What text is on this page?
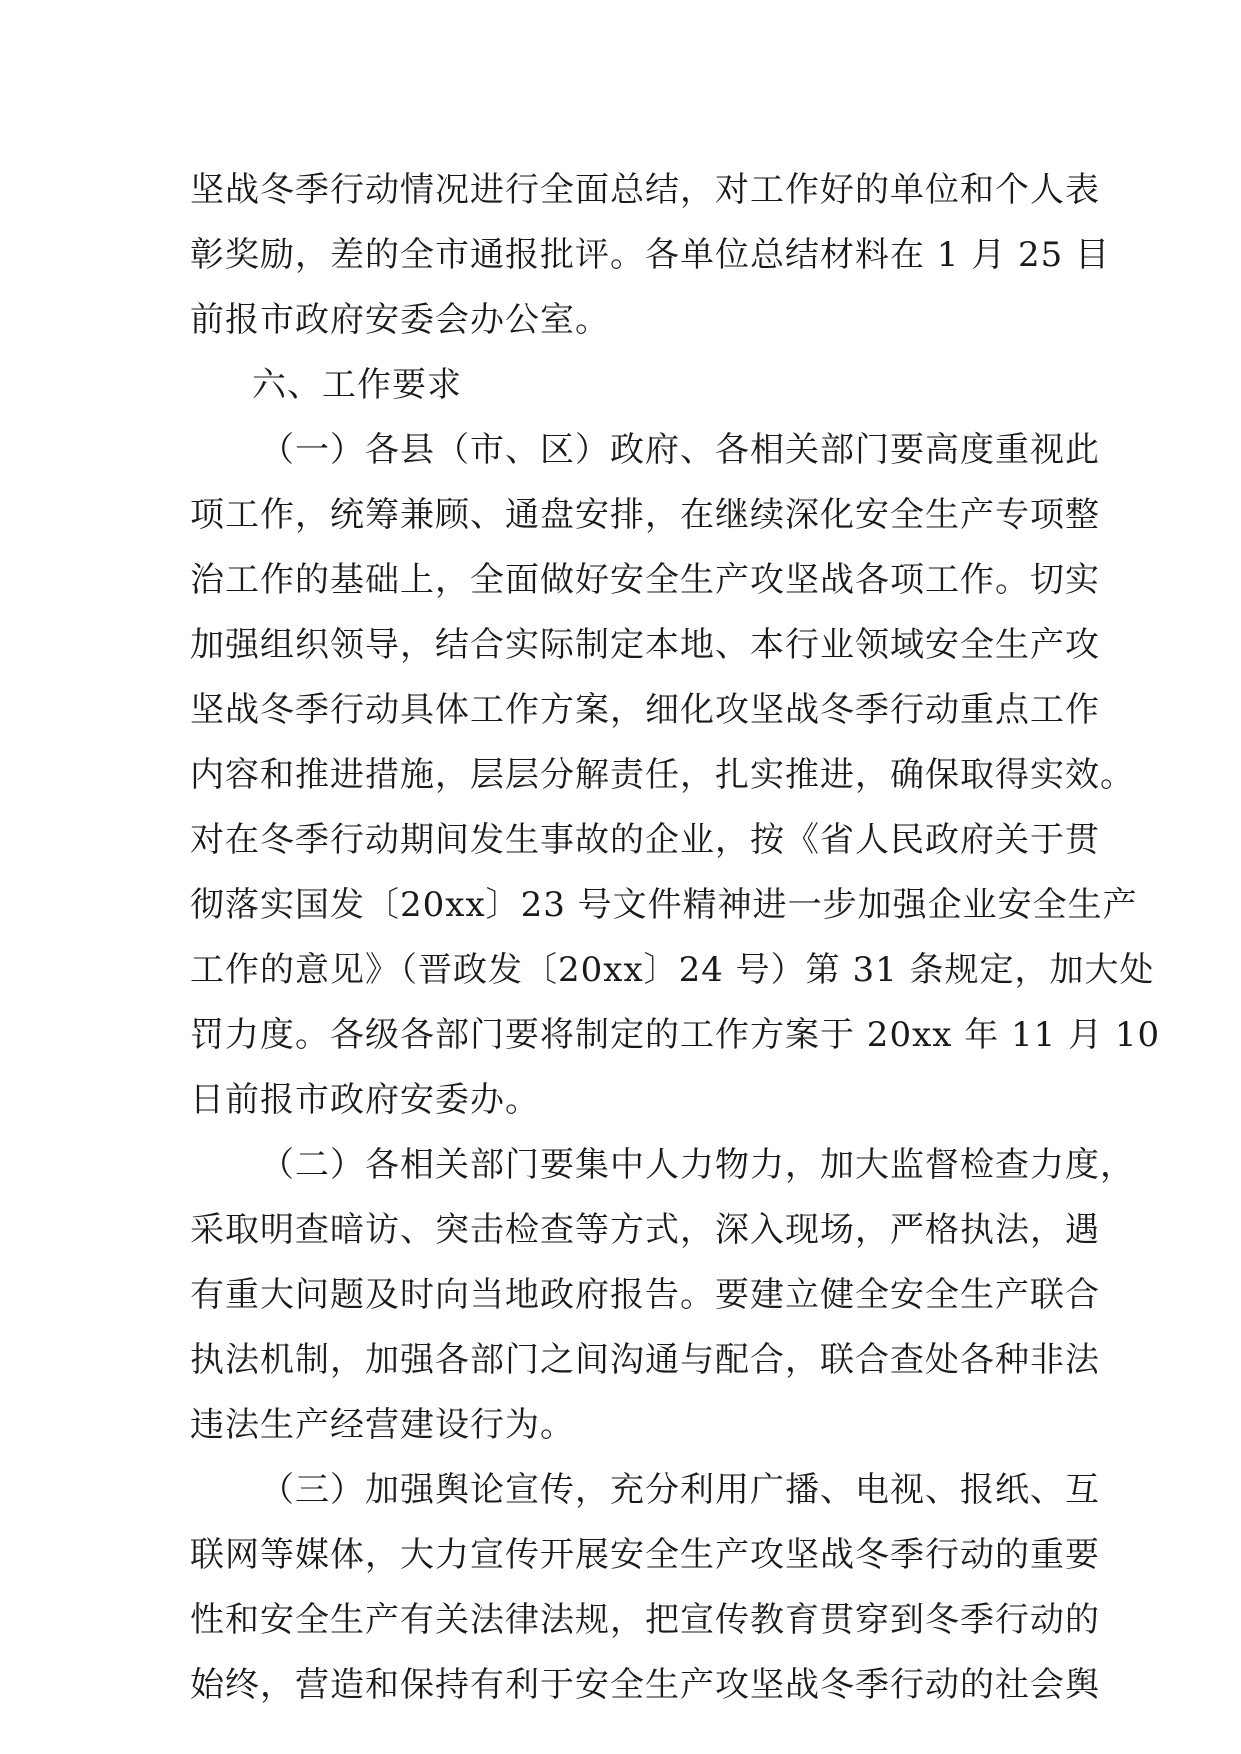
坚战冬季行动情况进行全面总结，对工作好的单位和个人表
彰奖励，差的全市通报批评。各单位总结材料在 1 月 25 目
前报市政府安委会办公室。
六、工作要求
（一）各县（市、区）政府、各相关部门要高度重视此
项工作，统筹兼顾、通盘安排，在继续深化安全生产专项整
治工作的基础上，全面做好安全生产攻坚战各项工作。切实
加强组织领导，结合实际制定本地、本行业领域安全生产攻
坚战冬季行动具体工作方案，细化攻坚战冬季行动重点工作
内容和推进措施，层层分解责任，扎实推进，确保取得实效。
对在冬季行动期间发生事故的企业，按《省人民政府关于贯
彻落实国发〔20xx〕23 号文件精神进一步加强企业安全生产
工作的意见》（晋政发〔20xx〕24 号）第 31 条规定，加大处
罚力度。各级各部门要将制定的工作方案于 20xx 年 11 月 10
日前报市政府安委办。
（二）各相关部门要集中人力物力，加大监督检查力度，
采取明查暗访、突击检查等方式，深入现场，严格执法，遇
有重大问题及时向当地政府报告。要建立健全安全生产联合
执法机制，加强各部门之间沟通与配合，联合查处各种非法
违法生产经营建设行为。
（三）加强舆论宣传，充分利用广播、电视、报纸、互
联网等媒体，大力宣传开展安全生产攻坚战冬季行动的重要
性和安全生产有关法律法规，把宣传教育贯穿到冬季行动的
始终，营造和保持有利于安全生产攻坚战冬季行动的社会舆
